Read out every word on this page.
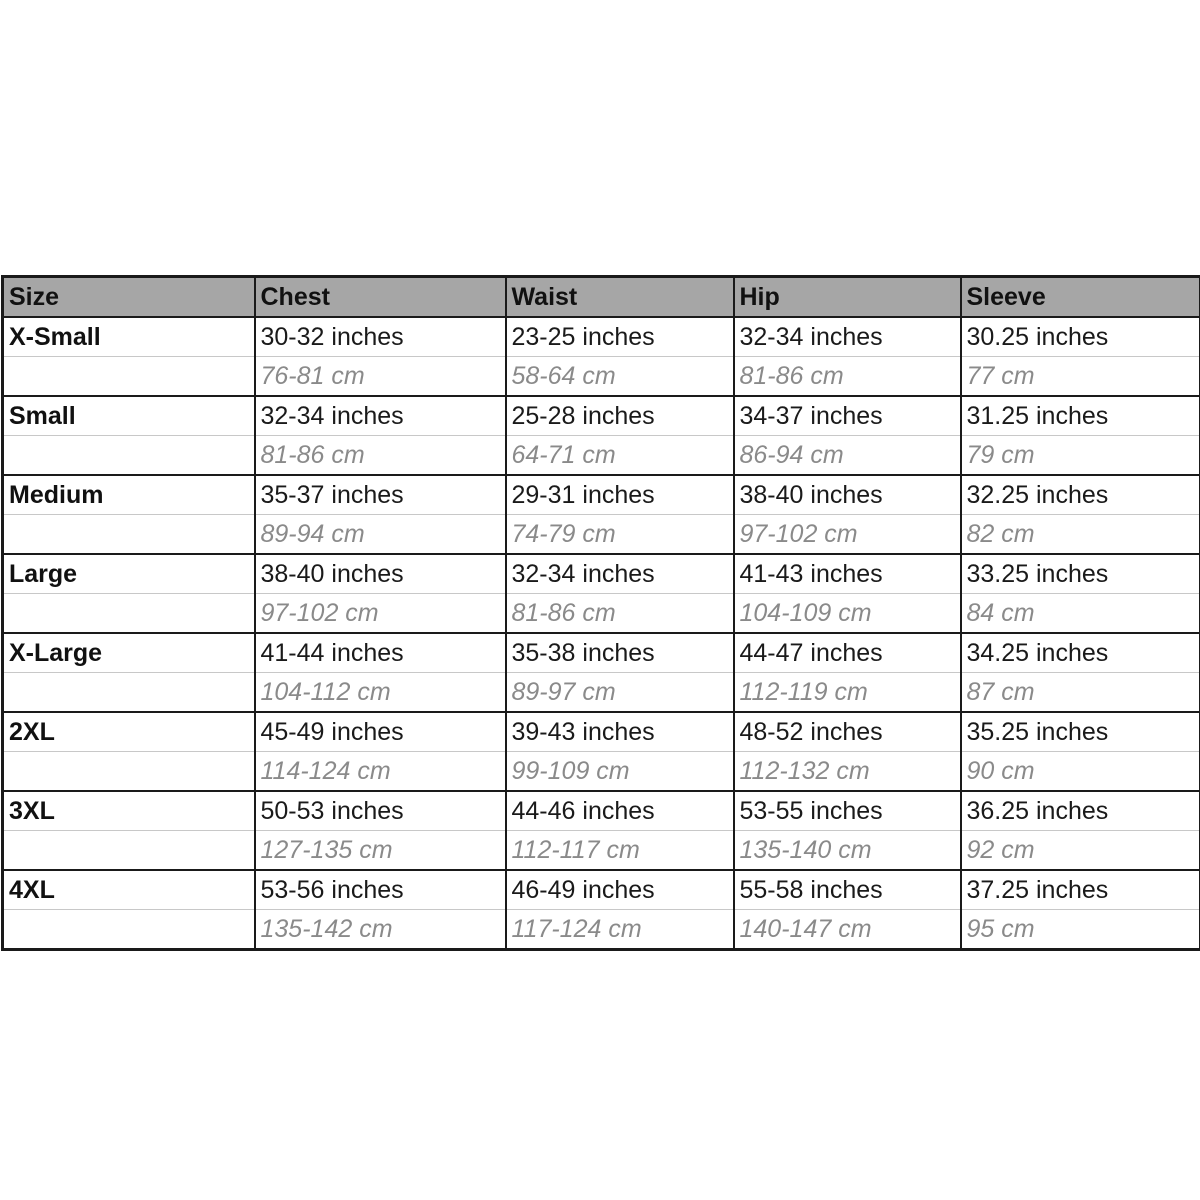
Size	Chest	Waist	Hip	Sleeve
X-Small	30-32 inches	23-25 inches	32-34 inches	30.25 inches
	76-81 cm	58-64 cm	81-86 cm	77 cm
Small	32-34 inches	25-28 inches	34-37 inches	31.25 inches
	81-86 cm	64-71 cm	86-94 cm	79 cm
Medium	35-37 inches	29-31 inches	38-40 inches	32.25 inches
	89-94 cm	74-79 cm	97-102 cm	82 cm
Large	38-40 inches	32-34 inches	41-43 inches	33.25 inches
	97-102 cm	81-86 cm	104-109 cm	84 cm
X-Large	41-44 inches	35-38 inches	44-47 inches	34.25 inches
	104-112 cm	89-97 cm	112-119 cm	87 cm
2XL	45-49 inches	39-43 inches	48-52 inches	35.25 inches
	114-124 cm	99-109 cm	112-132 cm	90 cm
3XL	50-53 inches	44-46 inches	53-55 inches	36.25 inches
	127-135 cm	112-117 cm	135-140 cm	92 cm
4XL	53-56 inches	46-49 inches	55-58 inches	37.25 inches
	135-142 cm	117-124 cm	140-147 cm	95 cm
